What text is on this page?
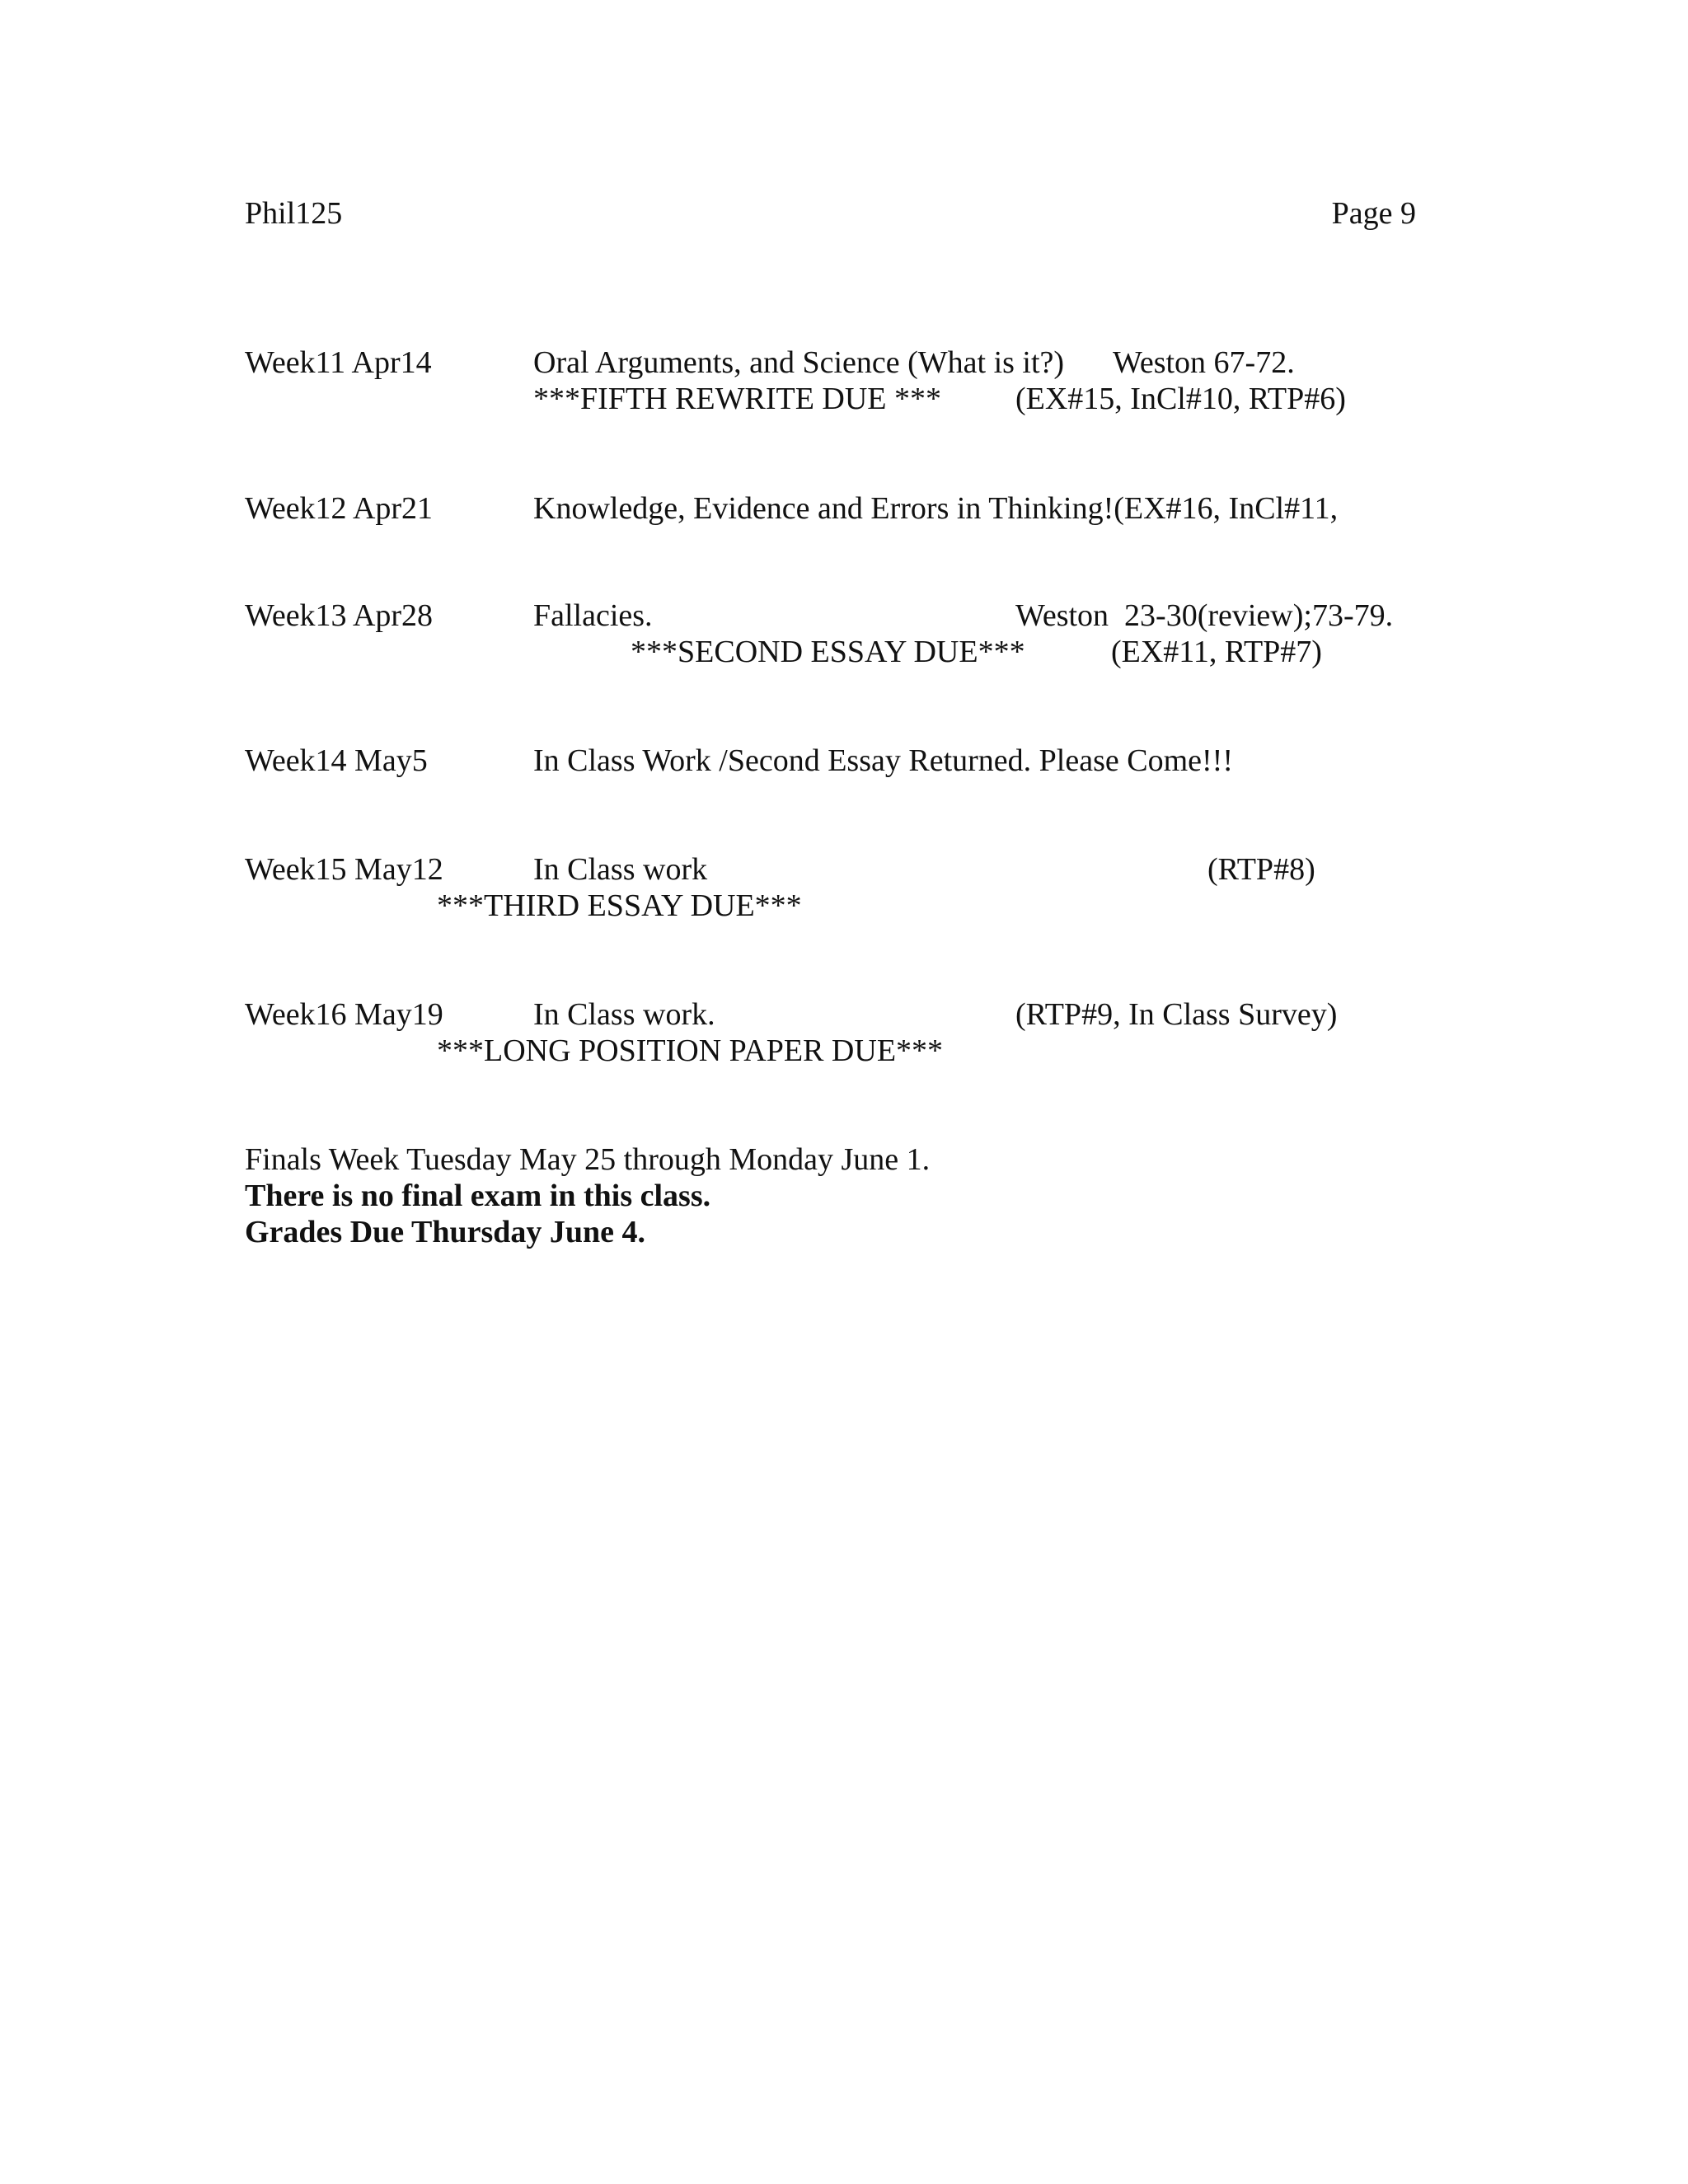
Phil125	Page 9
Week11 Apr14	Oral Arguments, and Science (What is it?) Weston 67-72.
***FIFTH REWRITE DUE *** (EX#15, InCl#10, RTP#6)
Week12 Apr21	Knowledge, Evidence and Errors in Thinking!(EX#16, InCl#11,
Week13 Apr28	Fallacies.	Weston  23-30(review);73-79.
***SECOND ESSAY DUE***	(EX#11, RTP#7)
Week14 May5	In Class Work /Second Essay Returned. Please Come!!!
Week15 May12	In Class work	(RTP#8)
***THIRD ESSAY DUE***
Week16 May19	In Class work.	(RTP#9, In Class Survey)
***LONG POSITION PAPER DUE***
Finals Week Tuesday May 25 through Monday June 1.
There is no final exam in this class.
Grades Due Thursday June 4.
